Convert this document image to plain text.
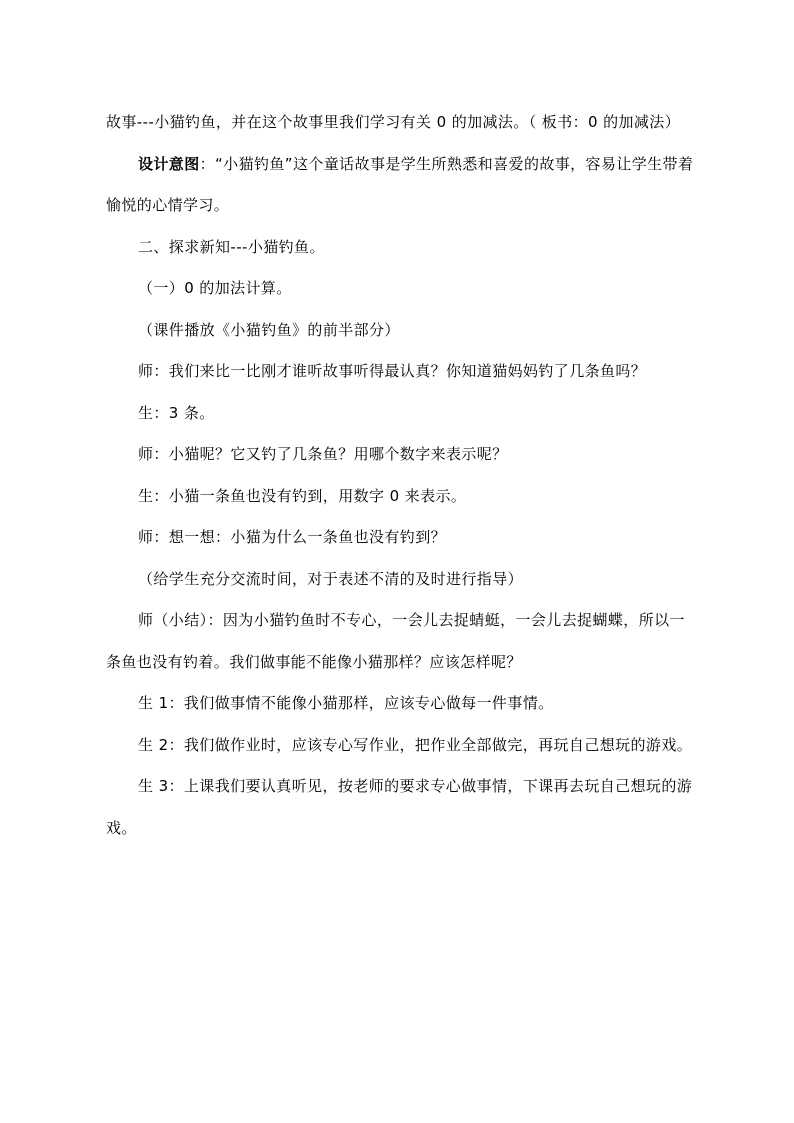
故事---小猫钓鱼，并在这个故事里我们学习有关 0 的加减法。（ 板书：0 的加减法）

设计意图：“小猫钓鱼”这个童话故事是学生所熟悉和喜爱的故事，容易让学生带着愉悦的心情学习。

二、探求新知---小猫钓鱼。

（一）0 的加法计算。

（课件播放《小猫钓鱼》的前半部分）

师：我们来比一比刚才谁听故事听得最认真？你知道猫妈妈钓了几条鱼吗？

生：3 条。

师：小猫呢？它又钓了几条鱼？用哪个数字来表示呢？

生：小猫一条鱼也没有钓到，用数字 0 来表示。

师：想一想：小猫为什么一条鱼也没有钓到？

（给学生充分交流时间，对于表述不清的及时进行指导）

师（小结）：因为小猫钓鱼时不专心，一会儿去捉蜻蜓，一会儿去捉蝴蝶，所以一条鱼也没有钓着。我们做事能不能像小猫那样？应该怎样呢？

生 1：我们做事情不能像小猫那样，应该专心做每一件事情。

生 2：我们做作业时，应该专心写作业，把作业全部做完，再玩自己想玩的游戏。

生 3：上课我们要认真听见，按老师的要求专心做事情，下课再去玩自己想玩的游戏。
